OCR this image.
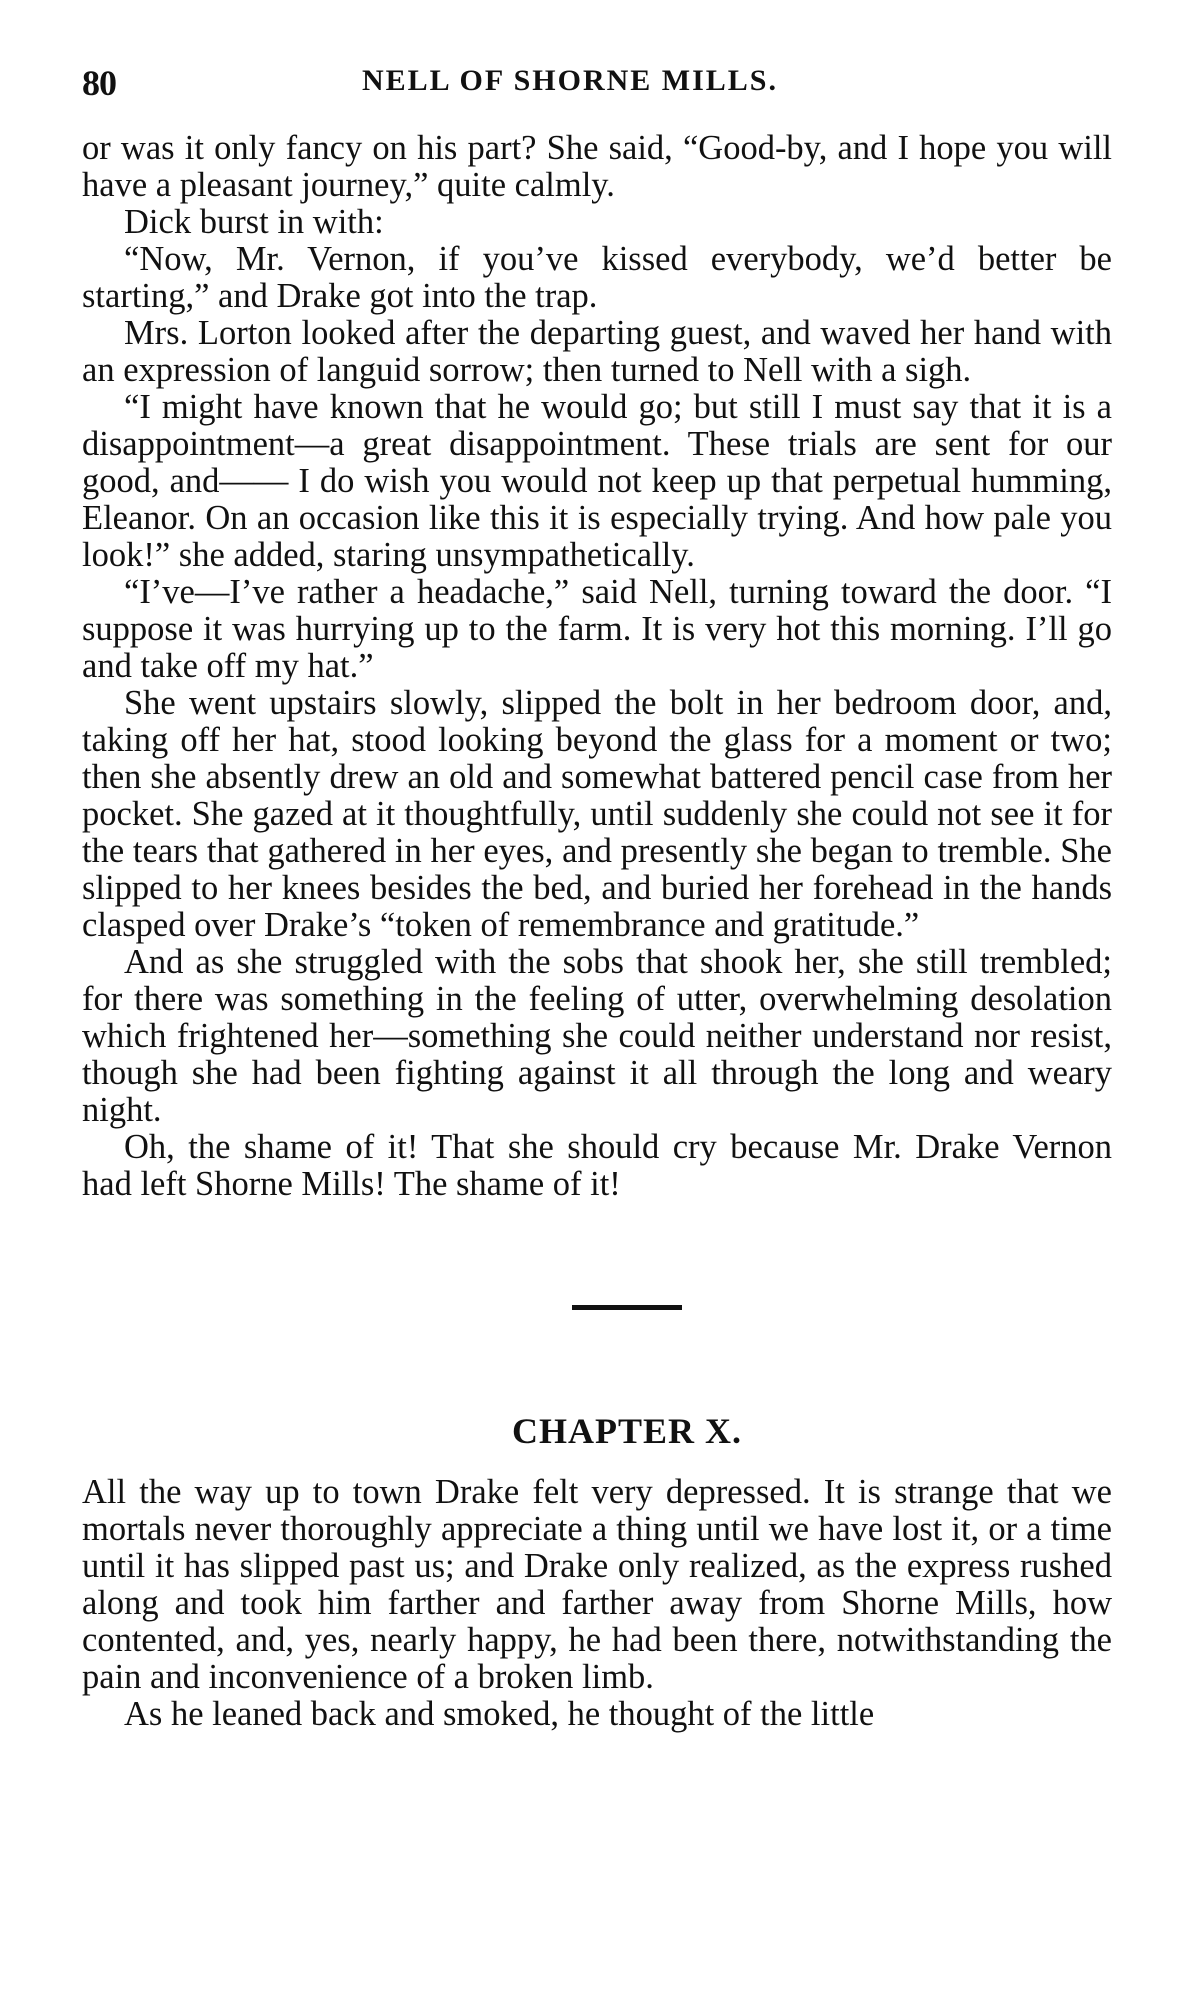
80	NELL OF SHORNE MILLS.

or was it only fancy on his part? She said, “Good-by, and I hope you will have a pleasant journey,” quite calmly.

Dick burst in with:

“Now, Mr. Vernon, if you’ve kissed everybody, we’d better be starting,” and Drake got into the trap.

Mrs. Lorton looked after the departing guest, and waved her hand with an expression of languid sorrow; then turned to Nell with a sigh.

“I might have known that he would go; but still I must say that it is a disappointment—a great disappointment. These trials are sent for our good, and—— I do wish you would not keep up that perpetual humming, Eleanor. On an occasion like this it is especially trying. And how pale you look!” she added, staring unsympathetically.

“I’ve—I’ve rather a headache,” said Nell, turning toward the door. “I suppose it was hurrying up to the farm. It is very hot this morning. I’ll go and take off my hat.”

She went upstairs slowly, slipped the bolt in her bedroom door, and, taking off her hat, stood looking beyond the glass for a moment or two; then she absently drew an old and somewhat battered pencil case from her pocket. She gazed at it thoughtfully, until suddenly she could not see it for the tears that gathered in her eyes, and presently she began to tremble. She slipped to her knees besides the bed, and buried her forehead in the hands clasped over Drake’s “token of remembrance and gratitude.”

And as she struggled with the sobs that shook her, she still trembled; for there was something in the feeling of utter, overwhelming desolation which frightened her—something she could neither understand nor resist, though she had been fighting against it all through the long and weary night.

Oh, the shame of it! That she should cry because Mr. Drake Vernon had left Shorne Mills! The shame of it!

CHAPTER X.

All the way up to town Drake felt very depressed. It is strange that we mortals never thoroughly appreciate a thing until we have lost it, or a time until it has slipped past us; and Drake only realized, as the express rushed along and took him farther and farther away from Shorne Mills, how contented, and, yes, nearly happy, he had been there, notwithstanding the pain and inconvenience of a broken limb.

As he leaned back and smoked, he thought of the little
